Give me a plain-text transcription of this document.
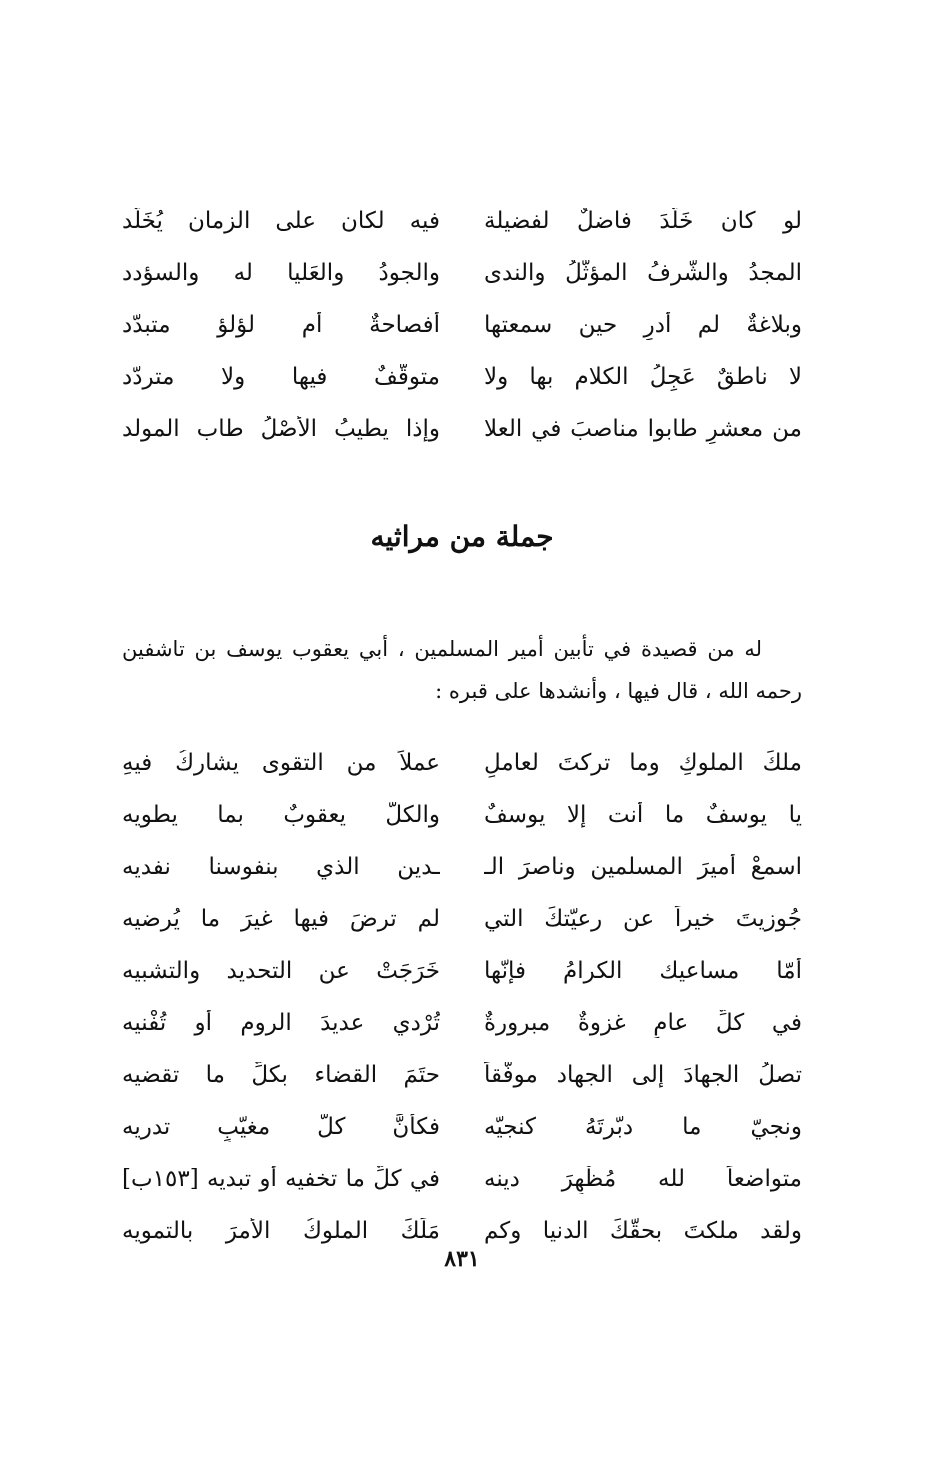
لو كان خَلَّدَ فاضلٌ لفضيلة
فيه لكان على الزمان يُخَلَّد
المجدُ والشّرفُ المؤثّلُ والندى
والجودُ والعَليا له والسؤدد
وبلاغةٌ لم أدرِ حين سمعتها
أفصاحةٌ أم لؤلؤ متبدّد
لا ناطقٌ عَجِلُ الكلام بها ولا
متوقّفٌ فيها ولا متردّد
من معشرٍ طابوا مناصبَ في العلا
وإذا يطيبُ الأصْلُ طاب المولد
جملة من مراثيه
له من قصيدة في تأبين أمير المسلمين ، أبي يعقوب يوسف بن تاشفين رحمه الله ، قال فيها ، وأنشدها على قبره :
ملكَ الملوكِ وما تركتَ لعاملٍ
عملاً من التقوى يشاركُ فيهِ
يا يوسفٌ ما أنت إلا يوسفٌ
والكلُّ يعقوبٌ بما يطويه
اسمعْ أميرَ المسلمين وناصرَ الـ
ـدين الذي بنفوسنا نفديه
جُوزيتَ خيراً عن رعيّتكَ التي
لم ترضَ فيها غيرَ ما يُرضيه
أمّا مساعيك الكرامُ فإنّها
خَرَجَتْ عن التحديد والتشبيه
في كلِّ عامٍ غزوةٌ مبرورةٌ
تُرْدي عديدَ الروم أو تُفْنيه
تصلُ الجهادَ إلى الجهاد موفّقاً
حتَمَ القضاء بكلِّ ما تقضيه
ونجيّ ما دبّرتَهُ كنجيّه
فكأنَّ كلَّ مغيّبٍ تدريه
متواضعاً لله مُظْهِرَ دينه
في كلِّ ما تخفيه أو تبديه [١٥٣ب]
ولقد ملكتَ بحقّكَ الدنيا وكم
مَلَكَ الملوكُ الأمرَ بالتمويه
٨٣١
